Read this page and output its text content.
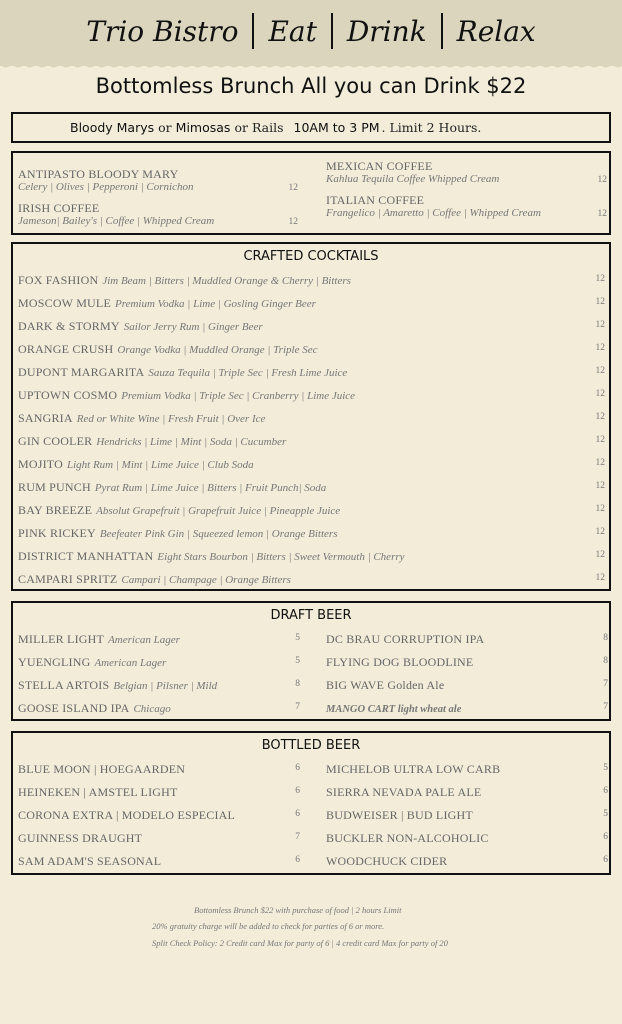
Trio Bistro	Eat	Drink	Relax
Bottomless Brunch All you can Drink $22
Bloody Marys or Mimosas or Rails 10AM to 3 PM . Limit 2 Hours.
ANTIPASTO BLOODY MARY
Celery | Olives | Pepperoni | Cornichon	12
IRISH COFFEE
Jameson| Bailey's | Coffee | Whipped Cream	12
MEXICAN COFFEE
Kahlua Tequila Coffee Whipped Cream	12
ITALIAN COFFEE
Frangelico | Amaretto | Coffee | Whipped Cream	12
CRAFTED COCKTAILS
FOX FASHION Jim Beam | Bitters | Muddled Orange & Cherry | Bitters	12
MOSCOW MULE Premium Vodka | Lime | Gosling Ginger Beer	12
DARK & STORMY Sailor Jerry Rum | Ginger Beer	12
ORANGE CRUSH Orange Vodka | Muddled Orange | Triple Sec	12
DUPONT MARGARITA Sauza Tequila | Triple Sec | Fresh Lime Juice	12
UPTOWN COSMO Premium Vodka | Triple Sec | Cranberry | Lime Juice	12
SANGRIA Red or White Wine | Fresh Fruit | Over Ice	12
GIN COOLER Hendricks | Lime | Mint | Soda | Cucumber	12
MOJITO Light Rum | Mint | Lime Juice | Club Soda	12
RUM PUNCH Pyrat Rum | Lime Juice | Bitters | Fruit Punch| Soda	12
BAY BREEZE Absolut Grapefruit | Grapefruit Juice | Pineapple Juice	12
PINK RICKEY Beefeater Pink Gin | Squeezed lemon | Orange Bitters	12
DISTRICT MANHATTAN Eight Stars Bourbon | Bitters | Sweet Vermouth | Cherry	12
CAMPARI SPRITZ Campari | Champage | Orange Bitters	12
DRAFT BEER
MILLER LIGHT American Lager	5
YUENGLING American Lager	5
STELLA ARTOIS Belgian | Pilsner | Mild	8
GOOSE ISLAND IPA Chicago	7
DC BRAU CORRUPTION IPA	8
FLYING DOG BLOODLINE	8
BIG WAVE Golden Ale	7
MANGO CART light wheat ale	7
BOTTLED BEER
BLUE MOON | HOEGAARDEN	6
HEINEKEN | AMSTEL LIGHT	6
CORONA EXTRA | MODELO ESPECIAL	6
GUINNESS DRAUGHT	7
SAM ADAM'S SEASONAL	6
MICHELOB ULTRA LOW CARB	5
SIERRA NEVADA PALE ALE	6
BUDWEISER | BUD LIGHT	5
BUCKLER NON-ALCOHOLIC	6
WOODCHUCK CIDER	6
Bottomless Brunch $22 with purchase of food | 2 hours Limit
20% gratuity charge will be added to check for parties of 6 or more.
Split Check Policy: 2 Credit card Max for party of 6 | 4 credit card Max for party of 20
